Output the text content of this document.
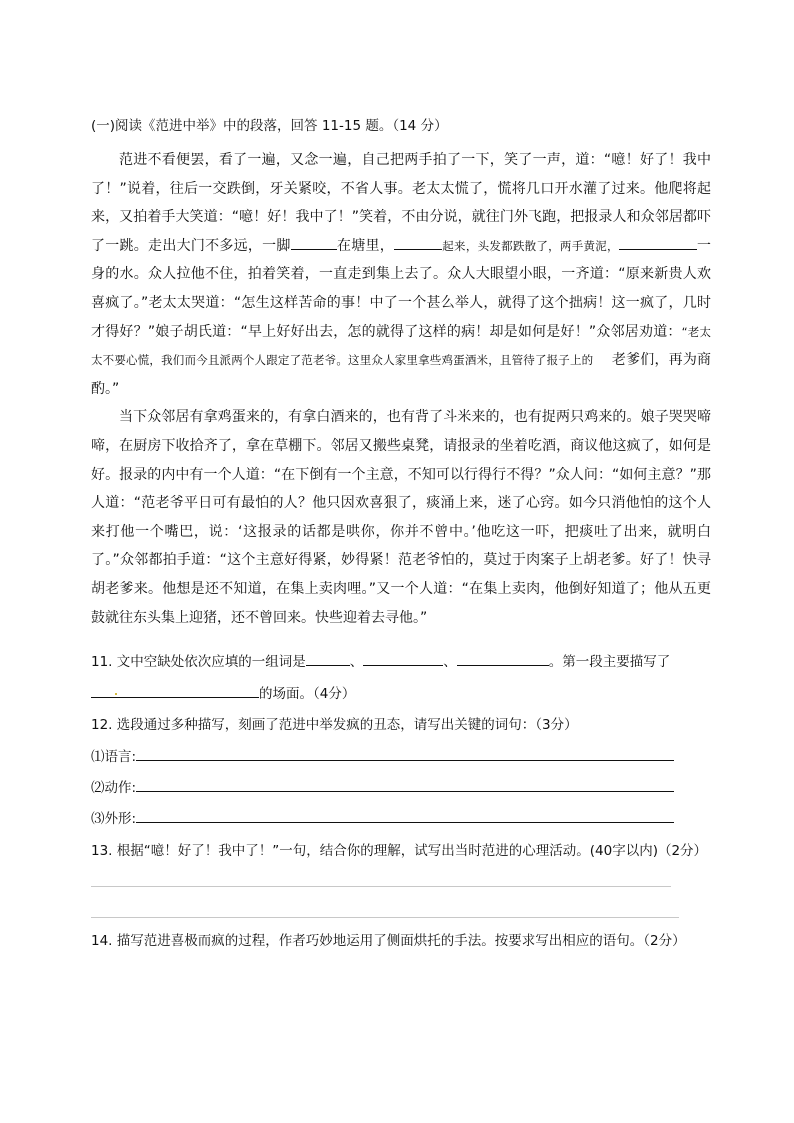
(一)阅读《范进中举》中的段落，回答 11-15 题。（14 分）

范进不看便罢，看了一遍，又念一遍，自己把两手拍了一下，笑了一声，道：“噫！好了！我中了！”说着，往后一交跌倒，牙关紧咬，不省人事。老太太慌了，慌将几口开水灌了过来。他爬将起来，又拍着手大笑道：“噫！好！我中了！”笑着，不由分说，就往门外飞跑，把报录人和众邻居都吓了一跳。走出大门不多远，一脚	在塘里，	起来，头发都跌散了，两手黄泥，	一身的水。众人拉他不住，拍着笑着，一直走到集上去了。众人大眼望小眼，一齐道：“原来新贵人欢喜疯了。”老太太哭道：“怎生这样苦命的事！中了一个甚么举人，就得了这个拙病！这一疯了，几时才得好？”娘子胡氏道：“早上好好出去，怎的就得了这样的病！却是如何是好！”众邻居劝道：“老太太不要心慌，我们而今且派两个人跟定了范老爷。这里众人家里拿些鸡蛋酒米，且管待了报子上的 老爹们，再为商酌。”

当下众邻居有拿鸡蛋来的，有拿白酒来的，也有背了斗米来的，也有捉两只鸡来的。娘子哭哭啼啼，在厨房下收拾齐了，拿在草棚下。邻居又搬些桌凳，请报录的坐着吃酒，商议他这疯了，如何是好。报录的内中有一个人道：“在下倒有一个主意，不知可以行得行不得？”众人问：“如何主意？”那人道：“范老爷平日可有最怕的人？他只因欢喜狠了，痰涌上来，迷了心窍。如今只消他怕的这个人来打他一个嘴巴，说：‘这报录的话都是哄你，你并不曾中。’他吃这一吓，把痰吐了出来，就明白了。”众邻都拍手道：“这个主意好得紧，妙得紧！范老爷怕的，莫过于肉案子上胡老爹。好了！快寻胡老爹来。他想是还不知道，在集上卖肉哩。”又一个人道：“在集上卖肉，他倒好知道了；他从五更鼓就往东头集上迎猪，还不曾回来。快些迎着去寻他。”

11. 文中空缺处依次应填的一组词是	、	、	。第一段主要描写了
的场面。（4分）
12. 选段通过多种描写，刻画了范进中举发疯的丑态，请写出关键的词句：（3分）
⑴语言:
⑵动作:
⑶外形:
13. 根据“噫！好了！我中了！”一句，结合你的理解，试写出当时范进的心理活动。(40字以内)（2分）
14. 描写范进喜极而疯的过程，作者巧妙地运用了侧面烘托的手法。按要求写出相应的语句。（2分）
